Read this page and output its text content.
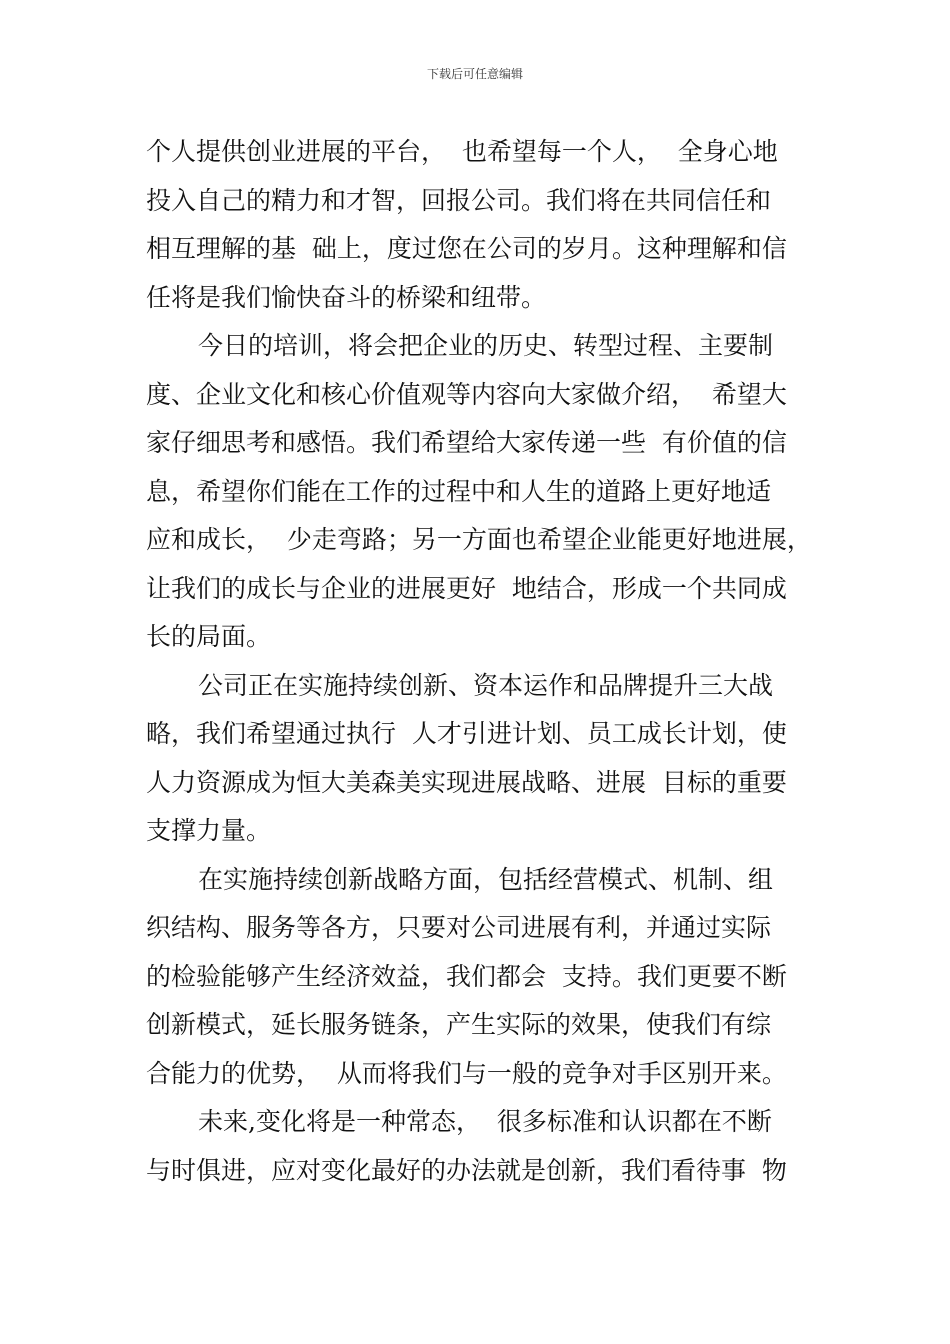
下载后可任意编辑
个人提供创业进展的平台，  也希望每一个人，  全身心地
投入自己的精力和才智，回报公司。我们将在共同信任和
相互理解的基  础上，度过您在公司的岁月。这种理解和信
任将是我们愉快奋斗的桥梁和纽带。
今日的培训，将会把企业的历史、转型过程、主要制
度、企业文化和核心价值观等内容向大家做介绍，  希望大
家仔细思考和感悟。我们希望给大家传递一些  有价值的信
息，希望你们能在工作的过程中和人生的道路上更好地适
应和成长，  少走弯路；另一方面也希望企业能更好地进展，
让我们的成长与企业的进展更好  地结合，形成一个共同成
长的局面。
公司正在实施持续创新、资本运作和品牌提升三大战
略，我们希望通过执行  人才引进计划、员工成长计划，使
人力资源成为恒大美森美实现进展战略、进展  目标的重要
支撑力量。
在实施持续创新战略方面，包括经营模式、机制、组
织结构、服务等各方，只要对公司进展有利，并通过实际
的检验能够产生经济效益，我们都会  支持。我们更要不断
创新模式，延长服务链条，产生实际的效果，使我们有综
合能力的优势，  从而将我们与一般的竞争对手区别开来。
未来,变化将是一种常态，  很多标准和认识都在不断
与时俱进，应对变化最好的办法就是创新，我们看待事  物
